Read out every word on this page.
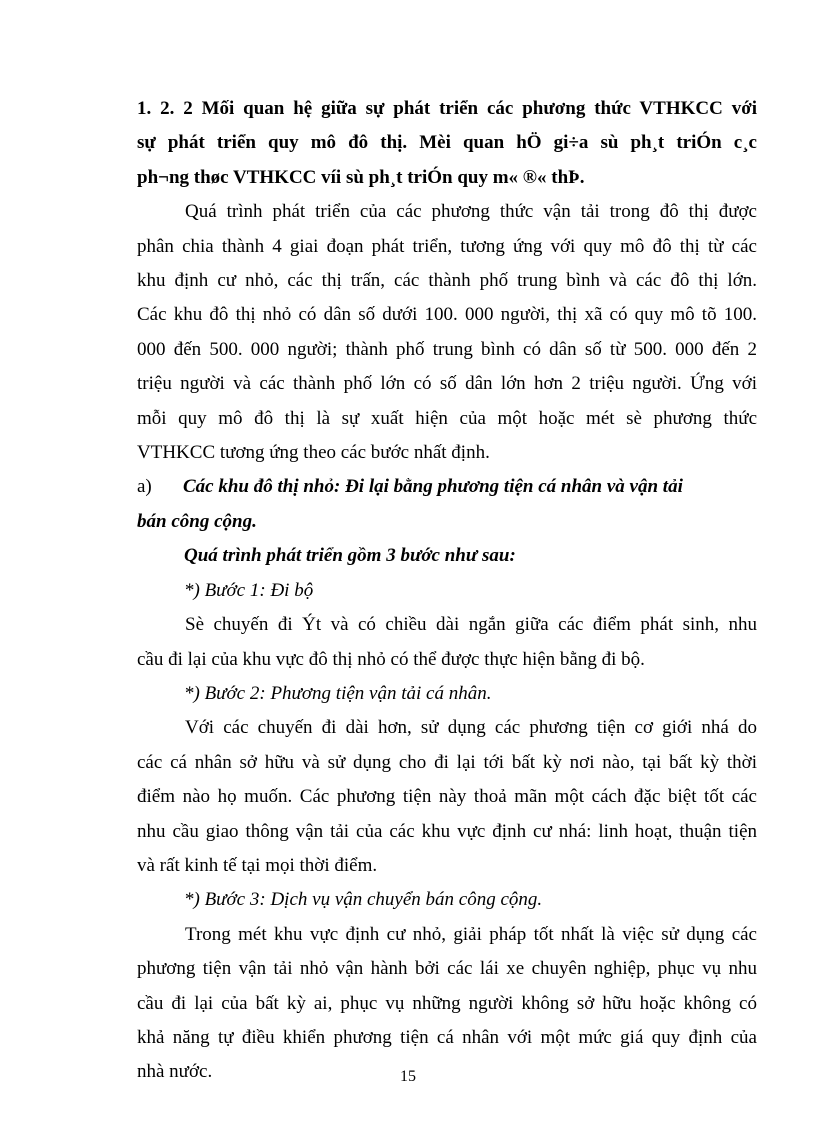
1. 2. 2 Mối quan hệ giữa sự phát triển các phương thức VTHKCC với
sự phát triển quy mô đô thị. Mèi quan hÖ gi÷a sù ph¸t triÓn c¸c
ph¬ng thøc VTHKCC víi sù ph¸t triÓn quy m« ®« thÞ.
Quá trình phát triển của các phương thức vận tải trong đô thị được
phân chia thành 4 giai đoạn phát triển, tương ứng với quy mô đô thị từ các
khu định cư nhỏ, các thị trấn, các thành phố trung bình và các đô thị lớn.
Các khu đô thị nhỏ có dân số dưới 100. 000 người, thị xã có quy mô tõ 100.
000 đến 500. 000 người; thành phố trung bình có dân số từ 500. 000 đến 2
triệu người và các thành phố lớn có số dân lớn hơn 2 triệu người. Ứng với
mỗi quy mô đô thị là sự xuất hiện của một hoặc mét sè phương thức
VTHKCC tương ứng theo các bước nhất định.
a) Các khu đô thị nhỏ: Đi lại bằng phương tiện cá nhân và vận tải
bán công cộng.
Quá trình phát triển gồm 3 bước như sau:
*) Bước 1: Đi bộ
Sè chuyến đi Ýt và có chiều dài ngắn giữa các điểm phát sinh, nhu
cầu đi lại của khu vực đô thị nhỏ có thể được thực hiện bằng đi bộ.
*) Bước 2: Phương tiện vận tải cá nhân.
Với các chuyến đi dài hơn, sử dụng các phương tiện cơ giới nhá do
các cá nhân sở hữu và sử dụng cho đi lại tới bất kỳ nơi nào, tại bất kỳ thời
điểm nào họ muốn. Các phương tiện này thoả mãn một cách đặc biệt tốt các
nhu cầu giao thông vận tải của các khu vực định cư nhá: linh hoạt, thuận tiện
và rất kinh tế tại mọi thời điểm.
*) Bước 3: Dịch vụ vận chuyển bán công cộng.
Trong mét khu vực định cư nhỏ, giải pháp tốt nhất là việc sử dụng các
phương tiện vận tải nhỏ vận hành bởi các lái xe chuyên nghiệp, phục vụ nhu
cầu đi lại của bất kỳ ai, phục vụ những người không sở hữu hoặc không có
khả năng tự điều khiển phương tiện cá nhân với một mức giá quy định của
nhà nước.	15
